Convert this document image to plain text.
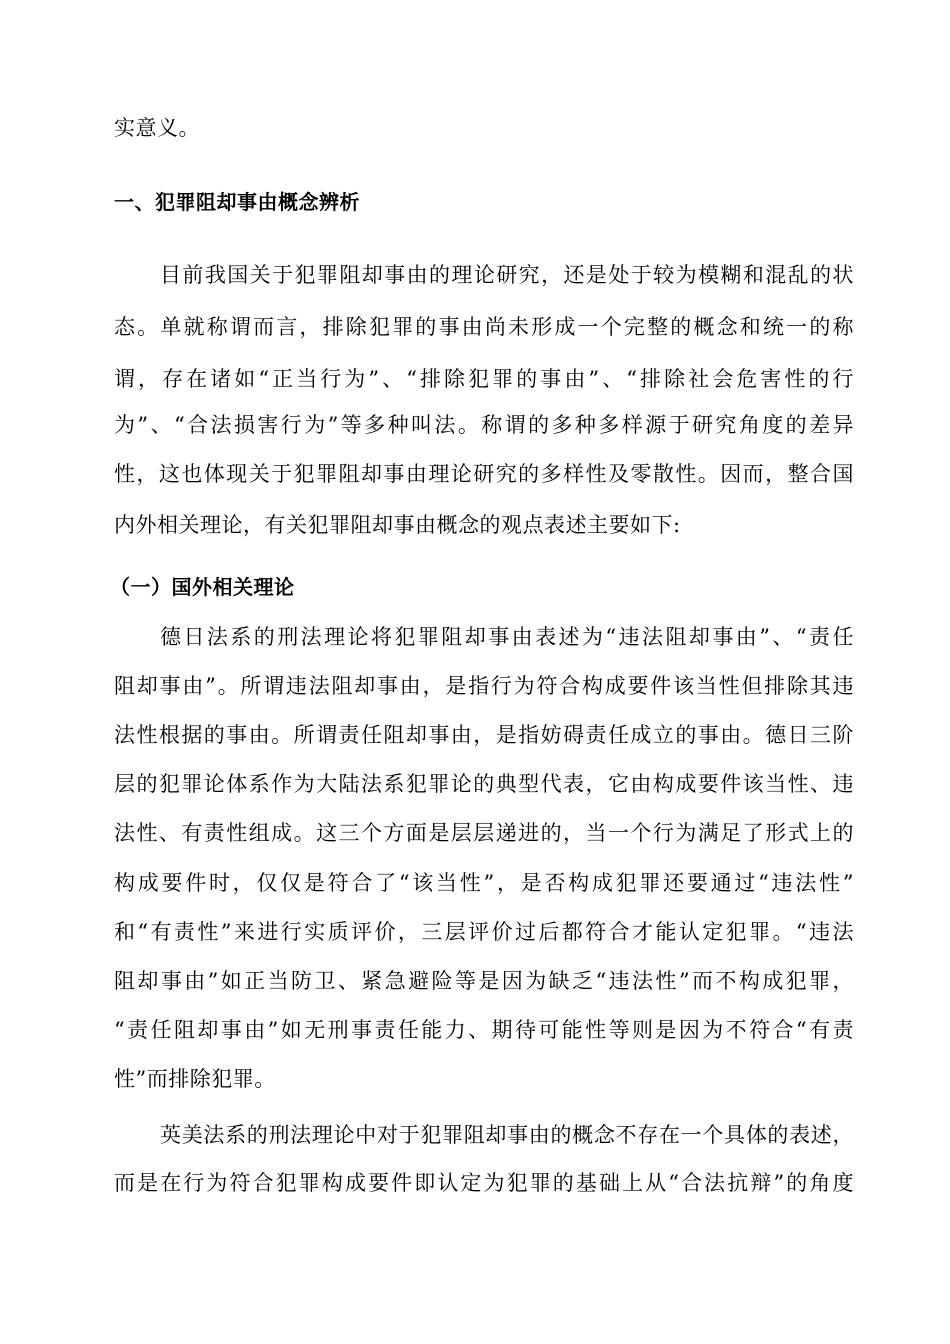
实意义。
一、犯罪阻却事由概念辨析
目前我国关于犯罪阻却事由的理论研究，还是处于较为模糊和混乱的状
态。单就称谓而言，排除犯罪的事由尚未形成一个完整的概念和统一的称
谓，存在诸如“正当行为”、“排除犯罪的事由”、“排除社会危害性的行
为”、“合法损害行为”等多种叫法。称谓的多种多样源于研究角度的差异
性，这也体现关于犯罪阻却事由理论研究的多样性及零散性。因而，整合国
内外相关理论，有关犯罪阻却事由概念的观点表述主要如下:
（一）国外相关理论
德日法系的刑法理论将犯罪阻却事由表述为“违法阻却事由”、“责任
阻却事由”。所谓违法阻却事由，是指行为符合构成要件该当性但排除其违
法性根据的事由。所谓责任阻却事由，是指妨碍责任成立的事由。德日三阶
层的犯罪论体系作为大陆法系犯罪论的典型代表，它由构成要件该当性、违
法性、有责性组成。这三个方面是层层递进的，当一个行为满足了形式上的
构成要件时，仅仅是符合了“该当性”，是否构成犯罪还要通过“违法性”
和“有责性”来进行实质评价，三层评价过后都符合才能认定犯罪。“违法
阻却事由”如正当防卫、紧急避险等是因为缺乏“违法性”而不构成犯罪，
“责任阻却事由”如无刑事责任能力、期待可能性等则是因为不符合“有责
性”而排除犯罪。
英美法系的刑法理论中对于犯罪阻却事由的概念不存在一个具体的表述，
而是在行为符合犯罪构成要件即认定为犯罪的基础上从“合法抗辩”的角度
